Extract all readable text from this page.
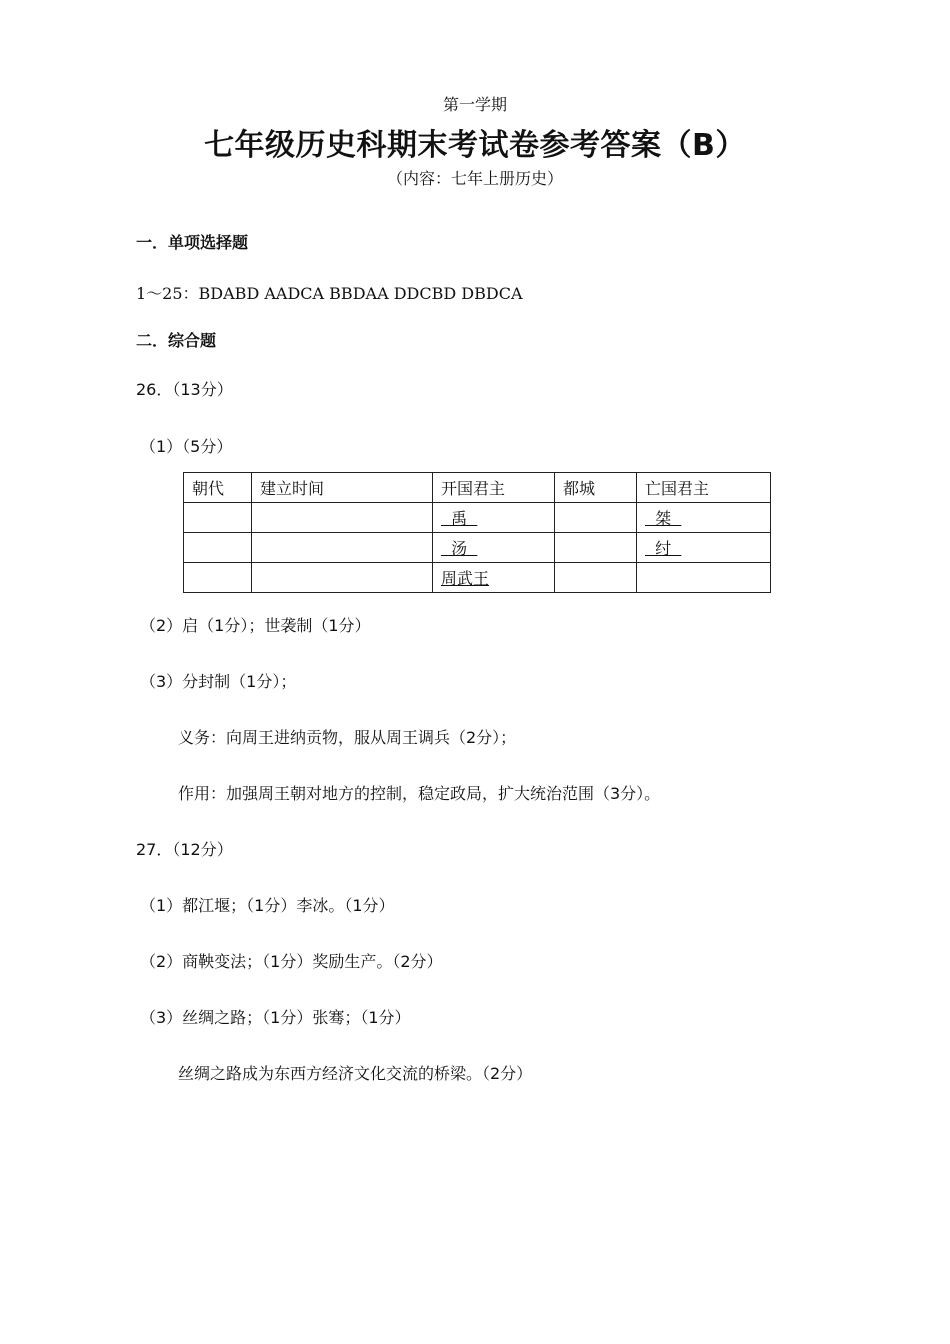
第一学期
七年级历史科期末考试卷参考答案（B）
（内容：七年上册历史）
一．单项选择题
1～25：BDABD AADCA BBDAA DDCBD DBDCA
二．综合题
26．（13分）
（1）（5分）
朝代	建立时间	开国君主	都城	亡国君主
		禹		桀
		汤		纣
		周武王		
（2）启（1分）；世袭制（1分）
（3）分封制（1分）；
义务：向周王进纳贡物，服从周王调兵（2分）；
作用：加强周王朝对地方的控制，稳定政局，扩大统治范围（3分）。
27．（12分）
（1）都江堰；（1分）李冰。（1分）
（2）商鞅变法；（1分）奖励生产。（2分）
（3）丝绸之路；（1分）张骞；（1分）
丝绸之路成为东西方经济文化交流的桥梁。（2分）
